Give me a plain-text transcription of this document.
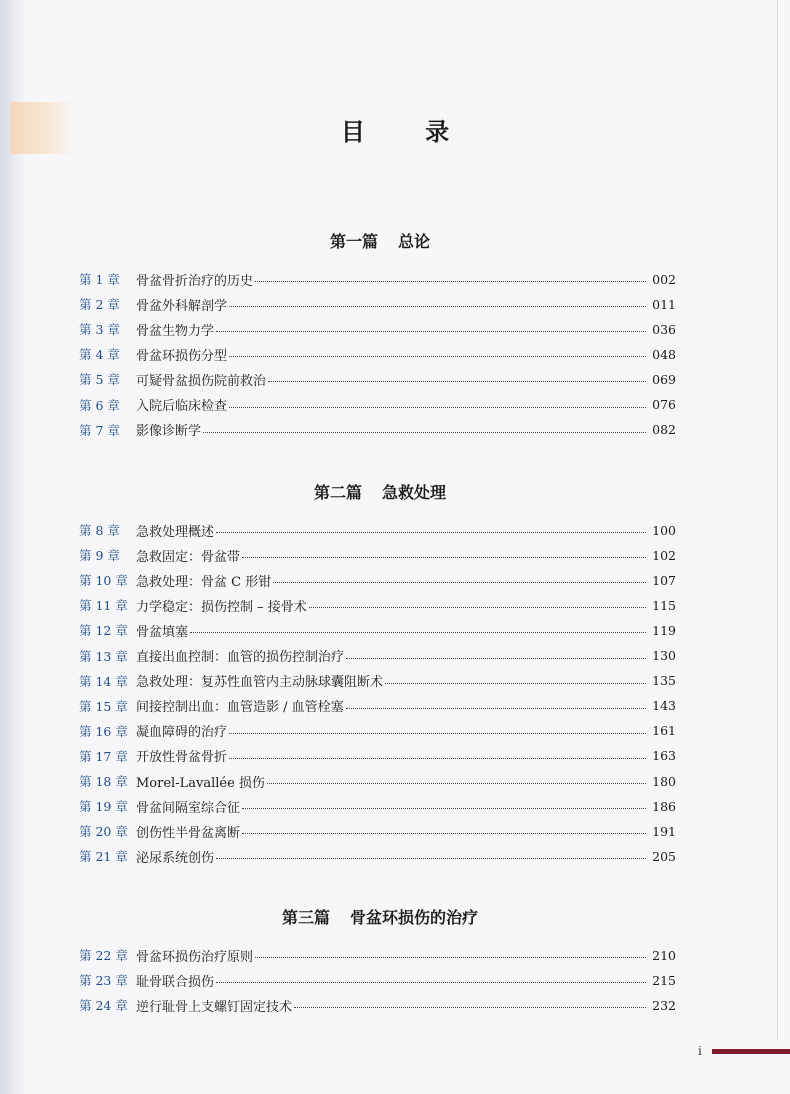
目 录
第一篇 总论
第 1 章	骨盆骨折治疗的历史	002
第 2 章	骨盆外科解剖学	011
第 3 章	骨盆生物力学	036
第 4 章	骨盆环损伤分型	048
第 5 章	可疑骨盆损伤院前救治	069
第 6 章	入院后临床检查	076
第 7 章	影像诊断学	082
第二篇 急救处理
第 8 章	急救处理概述	100
第 9 章	急救固定：骨盆带	102
第 10 章 急救处理：骨盆 C 形钳	107
第 11 章 力学稳定：损伤控制 – 接骨术	115
第 12 章 骨盆填塞	119
第 13 章 直接出血控制：血管的损伤控制治疗	130
第 14 章 急救处理：复苏性血管内主动脉球囊阻断术	135
第 15 章 间接控制出血：血管造影 / 血管栓塞	143
第 16 章 凝血障碍的治疗	161
第 17 章 开放性骨盆骨折	163
第 18 章 Morel-Lavallée 损伤	180
第 19 章 骨盆间隔室综合征	186
第 20 章 创伤性半骨盆离断	191
第 21 章 泌尿系统创伤	205
第三篇 骨盆环损伤的治疗
第 22 章 骨盆环损伤治疗原则	210
第 23 章 耻骨联合损伤	215
第 24 章 逆行耻骨上支螺钉固定技术	232
i
